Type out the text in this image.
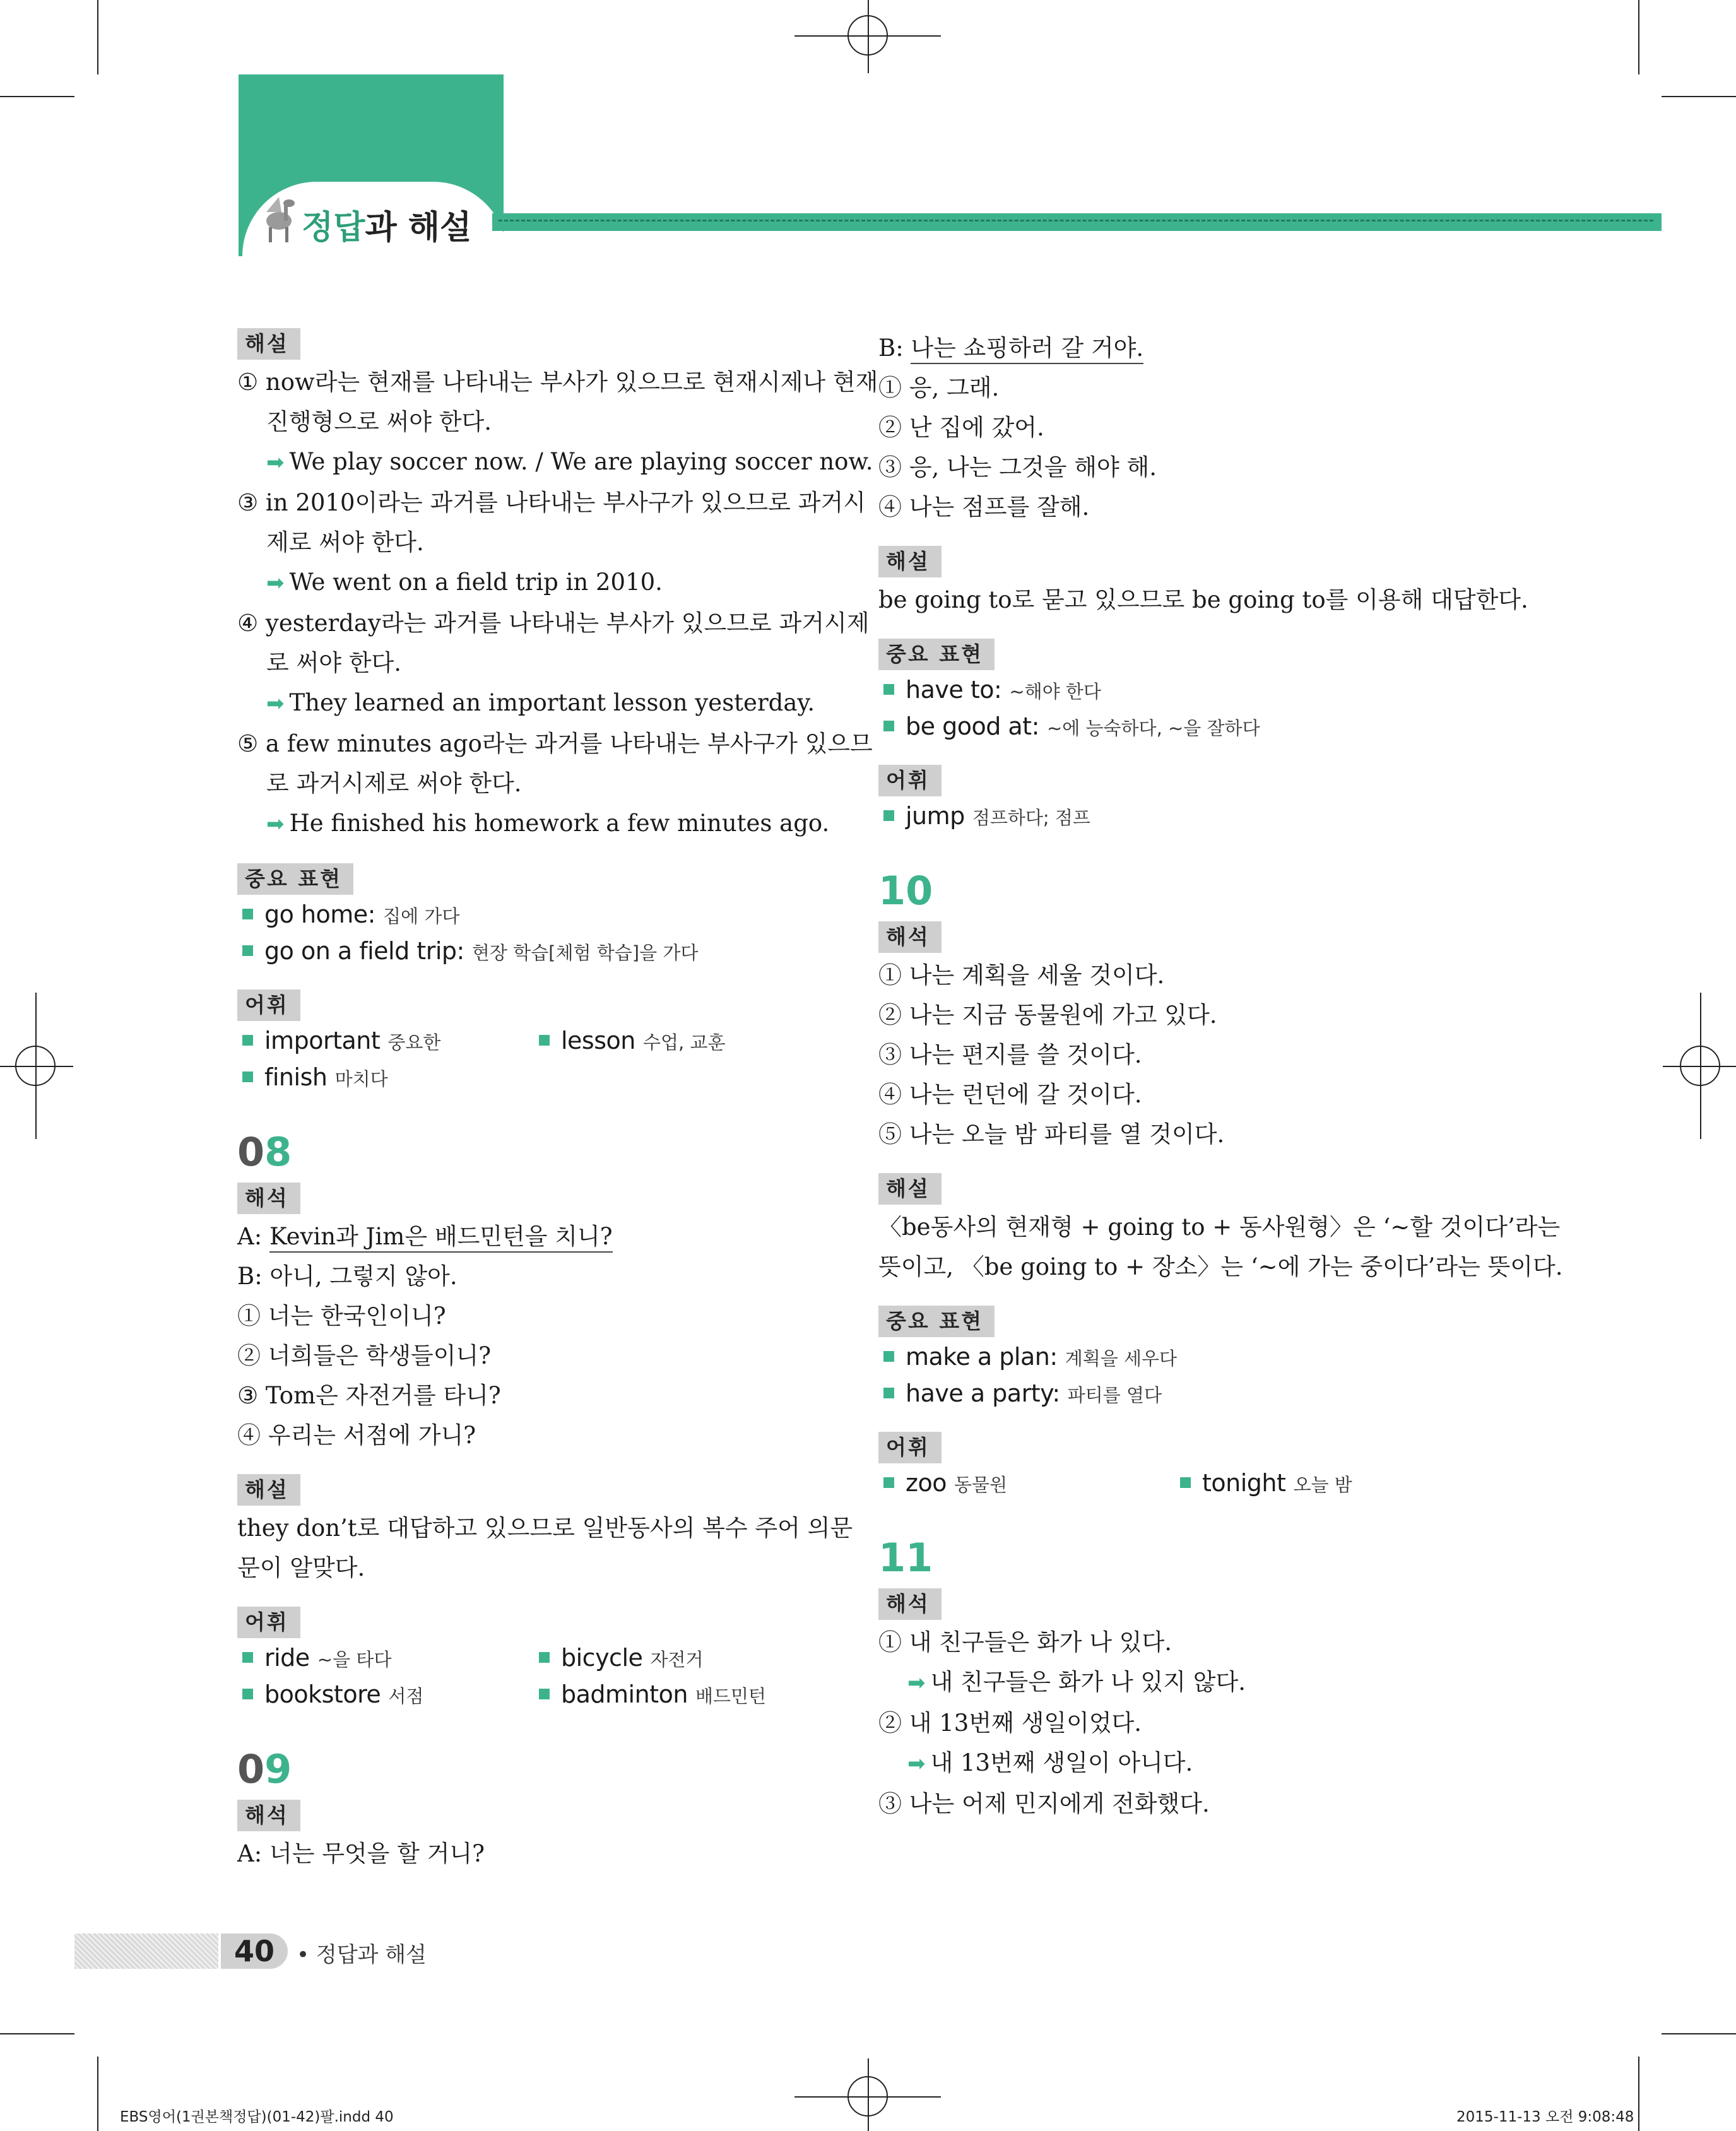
정답과 해설
해설
① now라는 현재를 나타내는 부사가 있으므로 현재시제나 현재
진행형으로 써야 한다.
➡ We play soccer now. / We are playing soccer now.
③ in 2010이라는 과거를 나타내는 부사구가 있으므로 과거시
제로 써야 한다.
➡ We went on a field trip in 2010.
④ yesterday라는 과거를 나타내는 부사가 있으므로 과거시제
로 써야 한다.
➡ They learned an important lesson yesterday.
⑤ a few minutes ago라는 과거를 나타내는 부사구가 있으므
로 과거시제로 써야 한다.
➡ He finished his homework a few minutes ago.
중요 표현
go home: 집에 가다
go on a field trip: 현장 학습[체험 학습]을 가다
어휘
important 중요한	lesson 수업, 교훈
finish 마치다
08
해석
A: Kevin과 Jim은 배드민턴을 치니?
B: 아니, 그렇지 않아.
① 너는 한국인이니?
② 너희들은 학생들이니?
③ Tom은 자전거를 타니?
④ 우리는 서점에 가니?
해설
they don’t로 대답하고 있으므로 일반동사의 복수 주어 의문
문이 알맞다.
어휘
ride ~을 타다	bicycle 자전거
bookstore 서점	badminton 배드민턴
09
해석
A: 너는 무엇을 할 거니?
B: 나는 쇼핑하러 갈 거야.
① 응, 그래.
② 난 집에 갔어.
③ 응, 나는 그것을 해야 해.
④ 나는 점프를 잘해.
해설
be going to로 묻고 있으므로 be going to를 이용해 대답한다.
중요 표현
have to: ~해야 한다
be good at: ~에 능숙하다, ~을 잘하다
어휘
jump 점프하다; 점프
10
해석
① 나는 계획을 세울 것이다.
② 나는 지금 동물원에 가고 있다.
③ 나는 편지를 쓸 것이다.
④ 나는 런던에 갈 것이다.
⑤ 나는 오늘 밤 파티를 열 것이다.
해설
〈be동사의 현재형 + going to + 동사원형〉은 ‘~할 것이다’라는
뜻이고, 〈be going to + 장소〉는 ‘~에 가는 중이다’라는 뜻이다.
중요 표현
make a plan: 계획을 세우다
have a party: 파티를 열다
어휘
zoo 동물원	tonight 오늘 밤
11
해석
① 내 친구들은 화가 나 있다.
➡ 내 친구들은 화가 나 있지 않다.
② 내 13번째 생일이었다.
➡ 내 13번째 생일이 아니다.
③ 나는 어제 민지에게 전화했다.
40	• 정답과 해설
EBS영어(1권본책정답)(01-42)팔.indd 40	2015-11-13 오전 9:08:48
